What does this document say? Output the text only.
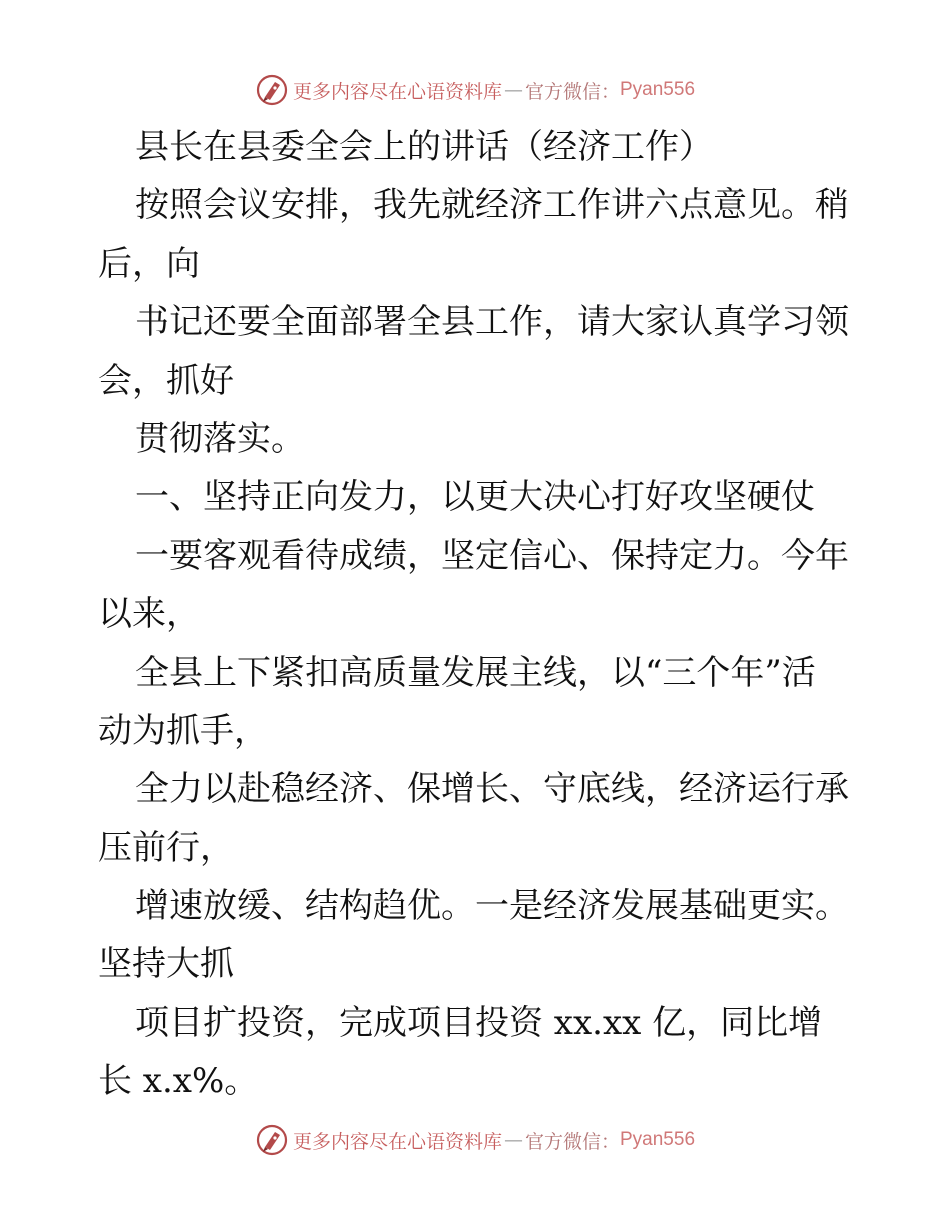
更多内容尽在心语资料库 — 官方微信： Pyan556
县长在县委全会上的讲话（经济工作）
按照会议安排，我先就经济工作讲六点意见。稍
后，向
书记还要全面部署全县工作，请大家认真学习领
会，抓好
贯彻落实。
一、坚持正向发力，以更大决心打好攻坚硬仗
一要客观看待成绩，坚定信心、保持定力。今年
以来，
全县上下紧扣高质量发展主线，以“三个年”活
动为抓手，
全力以赴稳经济、保增长、守底线，经济运行承
压前行，
增速放缓、结构趋优。一是经济发展基础更实。
坚持大抓
项目扩投资，完成项目投资 xx.xx 亿，同比增
长 x.x%。
更多内容尽在心语资料库 — 官方微信： Pyan556
